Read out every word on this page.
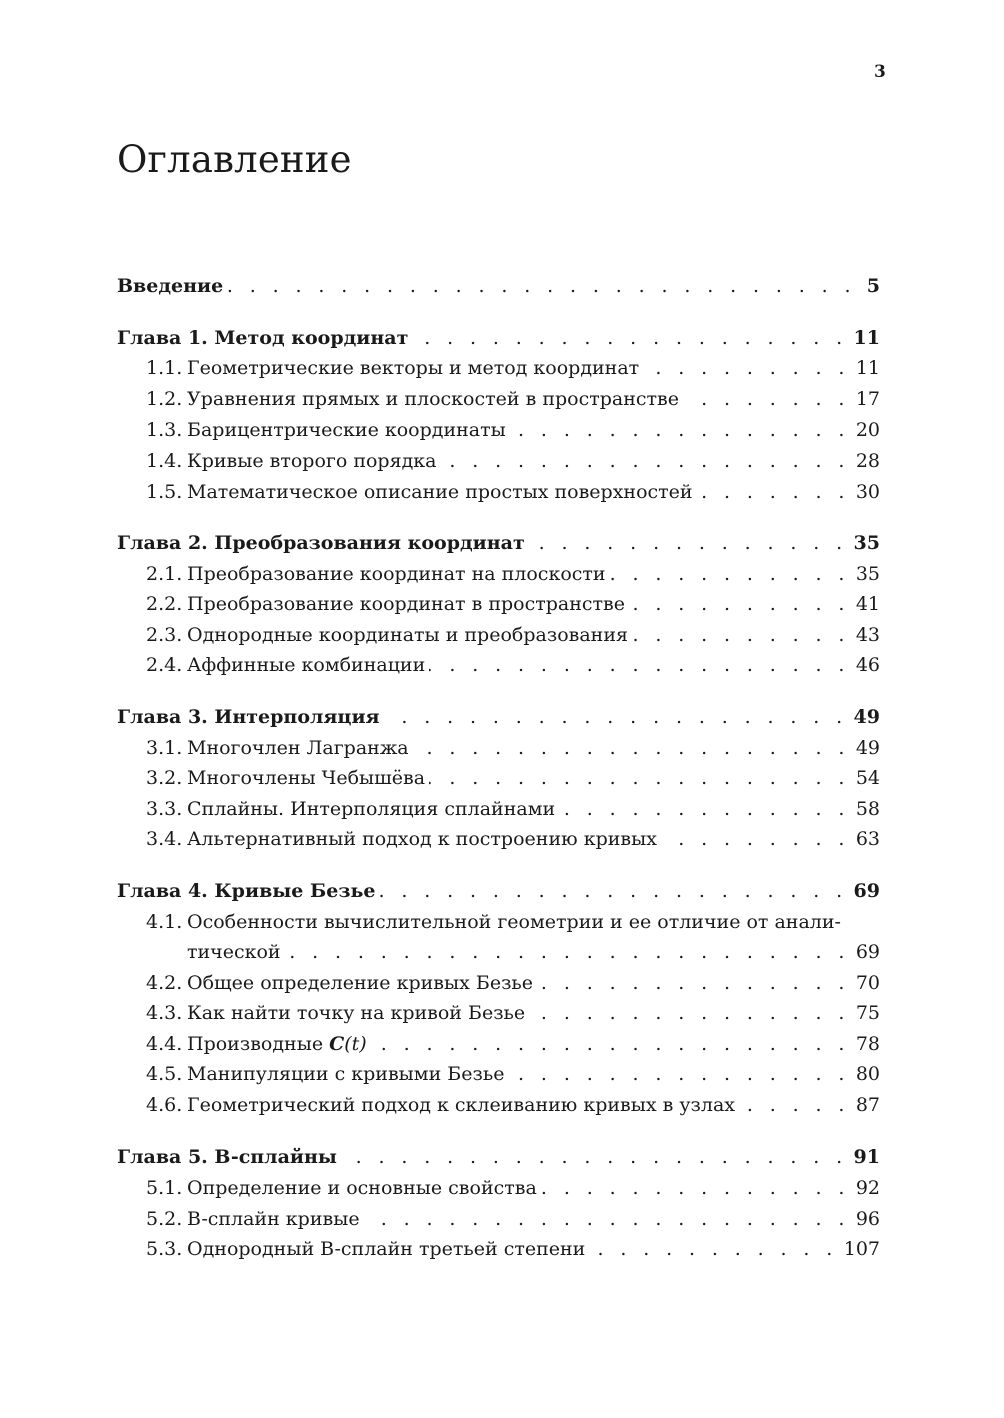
3
Оглавление
Введение . . .	5
Глава 1. Метод координат . . .	11
1.1. Геометрические векторы и метод координат . . .	11
1.2. Уравнения прямых и плоскостей в пространстве . . .	17
1.3. Барицентрические координаты . . .	20
1.4. Кривые второго порядка . . .	28
1.5. Математическое описание простых поверхностей . . .	30
Глава 2. Преобразования координат . . .	35
2.1. Преобразование координат на плоскости . . .	35
2.2. Преобразование координат в пространстве . . .	41
2.3. Однородные координаты и преобразования . . .	43
2.4. Аффинные комбинации . . .	46
Глава 3. Интерполяция . . .	49
3.1. Многочлен Лагранжа . . .	49
3.2. Многочлены Чебышёва . . .	54
3.3. Сплайны. Интерполяция сплайнами . . .	58
3.4. Альтернативный подход к построению кривых . . .	63
Глава 4. Кривые Безье . . .	69
4.1. Особенности вычислительной геометрии и ее отличие от анали-
тической . . .	69
4.2. Общее определение кривых Безье . . .	70
4.3. Как найти точку на кривой Безье . . .	75
4.4. Производные C(t) . . .	78
4.5. Манипуляции с кривыми Безье . . .	80
4.6. Геометрический подход к склеиванию кривых в узлах . . .	87
Глава 5. B-сплайны . . .	91
5.1. Определение и основные свойства . . .	92
5.2. B-сплайн кривые . . .	96
5.3. Однородный B-сплайн третьей степени . . .	107
